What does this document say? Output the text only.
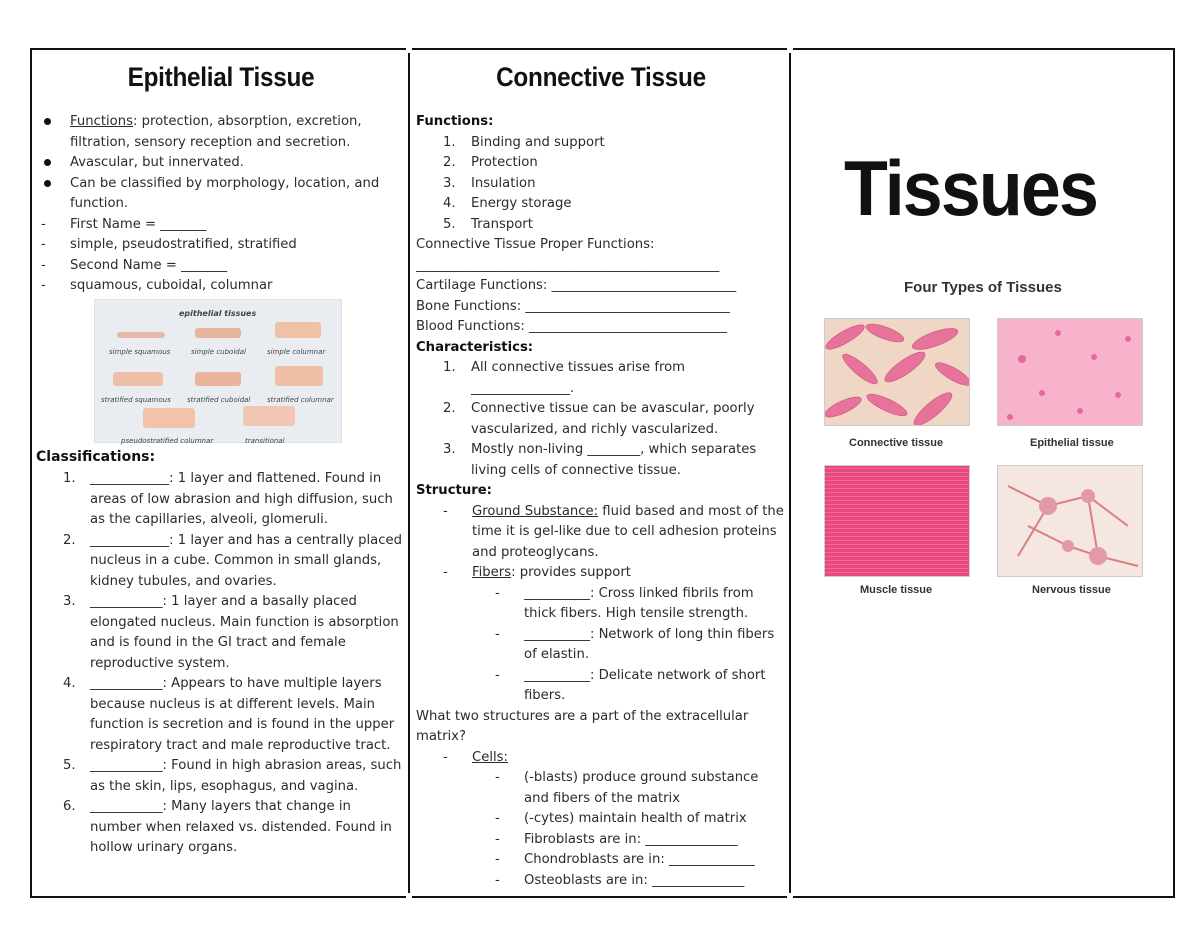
Epithelial Tissue
Functions: protection, absorption, excretion, filtration, sensory reception and secretion.
Avascular, but innervated.
Can be classified by morphology, location, and function.
- First Name = _______
- simple, pseudostratified, stratified
- Second Name = _______
- squamous, cuboidal, columnar
epithelial tissues
simple squamous	simple cuboidal	simple columnar
stratified squamous stratified cuboidal stratified columnar
pseudostratified columnar	transitional
Classifications:
1. ____________: 1 layer and flattened. Found in areas of low abrasion and high diffusion, such as the capillaries, alveoli, glomeruli.
2. ____________: 1 layer and has a centrally placed nucleus in a cube. Common in small glands, kidney tubules, and ovaries.
3. ___________: 1 layer and a basally placed elongated nucleus. Main function is absorption and is found in the GI tract and female reproductive system.
4. ___________: Appears to have multiple layers because nucleus is at different levels. Main function is secretion and is found in the upper respiratory tract and male reproductive tract.
5. ___________: Found in high abrasion areas, such as the skin, lips, esophagus, and vagina.
6. ___________: Many layers that change in number when relaxed vs. distended. Found in hollow urinary organs.
Connective Tissue
Functions:
1. Binding and support
2. Protection
3. Insulation
4. Energy storage
5. Transport
Connective Tissue Proper Functions:
______________________________________________
Cartilage Functions: ____________________________
Bone Functions: _______________________________
Blood Functions: ______________________________
Characteristics:
1. All connective tissues arise from _______________.
2. Connective tissue can be avascular, poorly vascularized, and richly vascularized.
3. Mostly non-living ________, which separates living cells of connective tissue.
Structure:
- Ground Substance: fluid based and most of the time it is gel-like due to cell adhesion proteins and proteoglycans.
- Fibers: provides support
- __________: Cross linked fibrils from thick fibers. High tensile strength.
- __________: Network of long thin fibers of elastin.
- __________: Delicate network of short fibers.
What two structures are a part of the extracellular matrix?
- Cells:
- (-blasts) produce ground substance and fibers of the matrix
- (-cytes) maintain health of matrix
- Fibroblasts are in: ______________
- Chondroblasts are in: _____________
- Osteoblasts are in: ______________
Tissues
Four Types of Tissues
Connective tissue	Epithelial tissue
Muscle tissue	Nervous tissue
